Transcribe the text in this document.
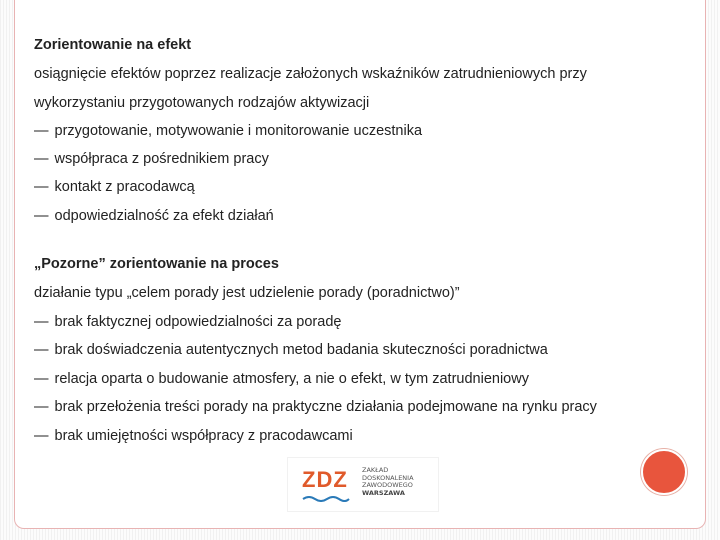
Zorientowanie na efekt
osiągnięcie efektów poprzez realizacje założonych wskaźników zatrudnieniowych przy
wykorzystaniu przygotowanych rodzajów aktywizacji
— przygotowanie, motywowanie i monitorowanie uczestnika
— współpraca z pośrednikiem pracy
— kontakt z pracodawcą
— odpowiedzialność za efekt działań
„Pozorne” zorientowanie na proces
działanie typu „celem porady jest udzielenie porady (poradnictwo)”
— brak faktycznej odpowiedzialności za poradę
— brak doświadczenia autentycznych metod badania skuteczności poradnictwa
— relacja oparta o budowanie atmosfery, a nie o efekt, w tym zatrudnieniowy
— brak przełożenia treści porady na praktyczne działania podejmowane na rynku pracy
— brak umiejętności współpracy z pracodawcami
ZDZ ZAKŁAD
DOSKONALENIA
ZAWODOWEGO
WARSZAWA
